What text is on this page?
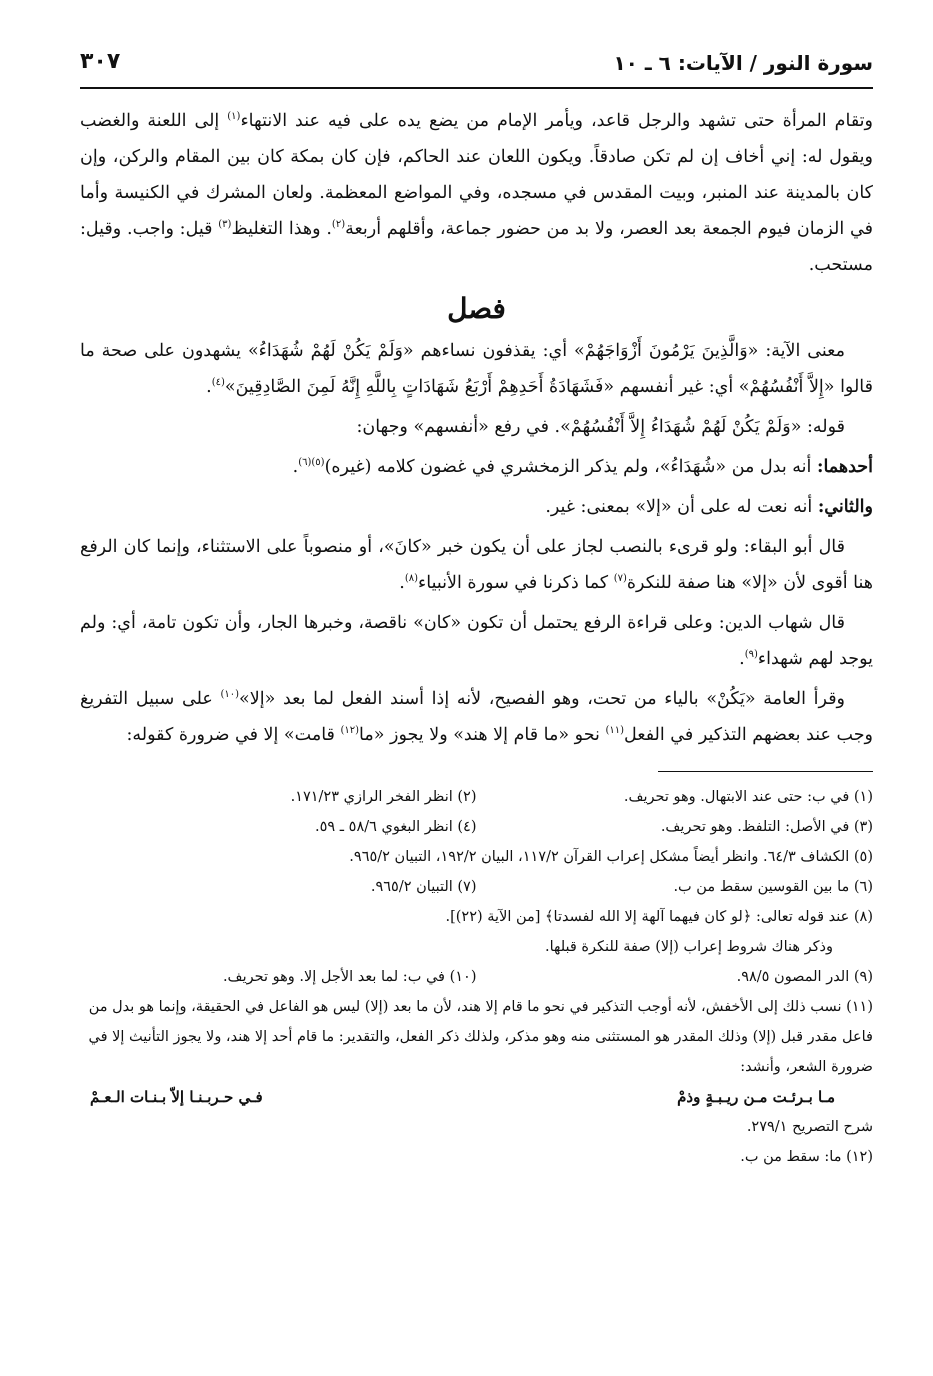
سورة النور / الآيات: ٦ ـ ١٠
٣٠٧

وتقام المرأة حتى تشهد والرجل قاعد، ويأمر الإمام من يضع يده على فيه عند الانتهاء$^{(١)}$ إلى اللعنة والغضب ويقول له: إني أخاف إن لم تكن صادقاً. ويكون اللعان عند الحاكم، فإن كان بمكة كان بين المقام والركن، وإن كان بالمدينة عند المنبر، وبيت المقدس في مسجده، وفي المواضع المعظمة. ولعان المشرك في الكنيسة وأما في الزمان فيوم الجمعة بعد العصر، ولا بد من حضور جماعة، وأقلهم أربعة$^{(٢)}$. وهذا التغليظ$^{(٣)}$ قيل: واجب. وقيل: مستحب.

فصل

معنى الآية: «وَالَّذِينَ يَرْمُونَ أَزْوَاجَهُمْ» أي: يقذفون نساءهم «وَلَمْ يَكُنْ لَهُمْ شُهَدَاءُ» يشهدون على صحة ما قالوا «إِلاَّ أَنْفُسُهُمْ» أي: غير أنفسهم «فَشَهَادَةُ أَحَدِهِمْ أَرْبَعُ شَهَادَاتٍ بِاللَّهِ إِنَّهُ لَمِنَ الصَّادِقِينَ»$^{(٤)}$.

قوله: «وَلَمْ يَكُنْ لَهُمْ شُهَدَاءُ إِلاَّ أَنْفُسُهُمْ». في رفع «أنفسهم» وجهان:

أحدهما: أنه بدل من «شُهَدَاءُ»، ولم يذكر الزمخشري في غضون كلامه (غيره)$^{(٥)(٦)}$.

والثاني: أنه نعت له على أن «إلا» بمعنى: غير.

قال أبو البقاء: ولو قرىء بالنصب لجاز على أن يكون خبر «كانَ»، أو منصوباً على الاستثناء، وإنما كان الرفع هنا أقوى لأن «إلا» هنا صفة للنكرة$^{(٧)}$ كما ذكرنا في سورة الأنبياء$^{(٨)}$.

قال شهاب الدين: وعلى قراءة الرفع يحتمل أن تكون «كان» ناقصة، وخبرها الجار، وأن تكون تامة، أي: ولم يوجد لهم شهداء$^{(٩)}$.

وقرأ العامة «يَكُنْ» بالياء من تحت، وهو الفصيح، لأنه إذا أسند الفعل لما بعد «إلا»$^{(١٠)}$ على سبيل التفريغ وجب عند بعضهم التذكير في الفعل$^{(١١)}$ نحو «ما قام إلا هند» ولا يجوز «ما$^{(١٢)}$ قامت» إلا في ضرورة كقوله:

(١) في ب: حتى عند الابتهال. وهو تحريف.
(٢) انظر الفخر الرازي ١٧١/٢٣.
(٣) في الأصل: التلفظ. وهو تحريف.
(٤) انظر البغوي ٥٨/٦ ـ ٥٩.
(٥) الكشاف ٦٤/٣. وانظر أيضاً مشكل إعراب القرآن ١١٧/٢، البيان ١٩٢/٢، التبيان ٩٦٥/٢.
(٦) ما بين القوسين سقط من ب.
(٧) التبيان ٩٦٥/٢.
(٨) عند قوله تعالى: ﴿لو كان فيهما آلهة إلا الله لفسدتا﴾ [من الآية (٢٢)].
وذكر هناك شروط إعراب (إلا) صفة للنكرة قبلها.
(٩) الدر المصون ٩٨/٥.
(١٠) في ب: لما بعد الأجل إلا. وهو تحريف.
(١١) نسب ذلك إلى الأخفش، لأنه أوجب التذكير في نحو ما قام إلا هند، لأن ما بعد (إلا) ليس هو الفاعل في الحقيقة، وإنما هو بدل من فاعل مقدر قبل (إلا) وذلك المقدر هو المستثنى منه وهو مذكر، ولذلك ذكر الفعل، والتقدير: ما قام أحد إلا هند، ولا يجوز التأنيث إلا في ضرورة الشعر، وأنشد:
مـا بـرئـت مـن ريـبـةٍ وذمْ
فـي حـربـنـا إلاّ بـنـات الـعـمْ
شرح التصريح ٢٧٩/١.
(١٢) ما: سقط من ب.
